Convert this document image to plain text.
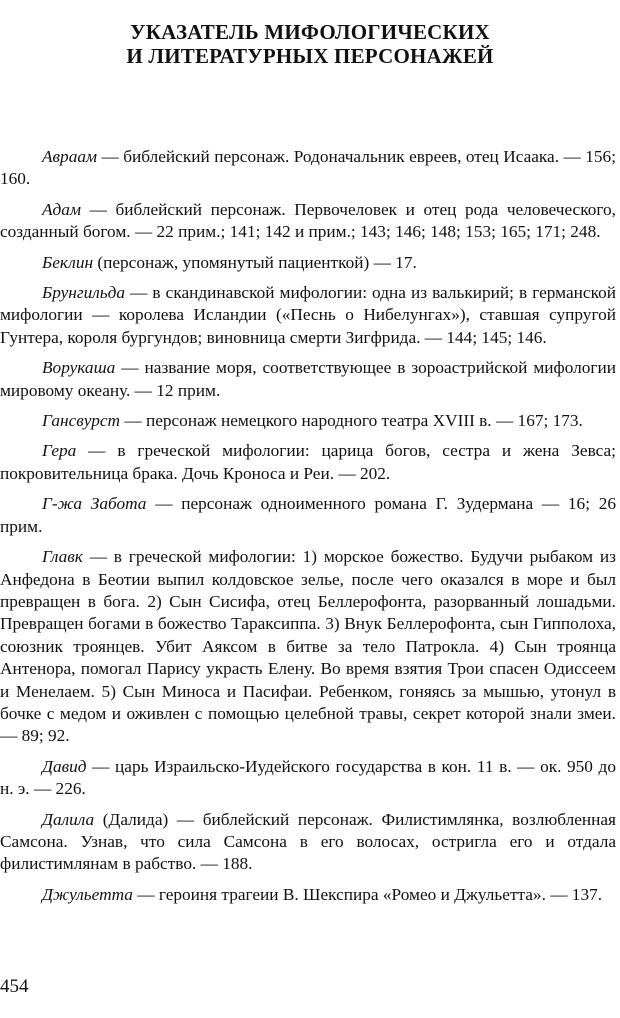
УКАЗАТЕЛЬ МИФОЛОГИЧЕСКИХ
И ЛИТЕРАТУРНЫХ ПЕРСОНАЖЕЙ

Авраам — библейский персонаж. Родоначальник евреев, отец Исаака. — 156; 160.

Адам — библейский персонаж. Первочеловек и отец рода человеческого, созданный богом. — 22 прим.; 141; 142 и прим.; 143; 146; 148; 153; 165; 171; 248.

Беклин (персонаж, упомянутый пациенткой) — 17.

Брунгильда — в скандинавской мифологии: одна из валькирий; в германской мифологии — королева Исландии («Песнь о Нибелунгах»), ставшая супругой Гунтера, короля бургундов; виновница смерти Зигфрида. — 144; 145; 146.

Ворукаша — название моря, соответствующее в зороастрийской мифологии мировому океану. — 12 прим.

Гансвурст — персонаж немецкого народного театра XVIII в. — 167; 173.

Гера — в греческой мифологии: царица богов, сестра и жена Зевса; покровительница брака. Дочь Кроноса и Реи. — 202.

Г-жа Забота — персонаж одноименного романа Г. Зудермана — 16; 26 прим.

Главк — в греческой мифологии: 1) морское божество. Будучи рыбаком из Анфедона в Беотии выпил колдовское зелье, после чего оказался в море и был превращен в бога. 2) Сын Сисифа, отец Беллерофонта, разорванный лошадьми. Превращен богами в божество Тараксиппа. 3) Внук Беллерофонта, сын Гиппoлоха, союзник троянцев. Убит Аяксом в битве за тело Патрокла. 4) Сын троянца Антенора, помогал Парису украсть Елену. Во время взятия Трои спасен Одиссеем и Менелаем. 5) Сын Миноса и Пасифаи. Ребенком, гоняясь за мышью, утонул в бочке с медом и оживлен с помощью целебной травы, секрет которой знали змеи. — 89; 92.

Давид — царь Израильско-Иудейского государства в кон. 11 в. — ок. 950 до н. э. — 226.

Далила (Далида) — библейский персонаж. Филистимлянка, возлюбленная Самсона. Узнав, что сила Самсона в его волосах, остригла его и отдала филистимлянам в рабство. — 188.

Джульетта — героиня трагеии В. Шекспира «Ромео и Джульетта». — 137.

454
